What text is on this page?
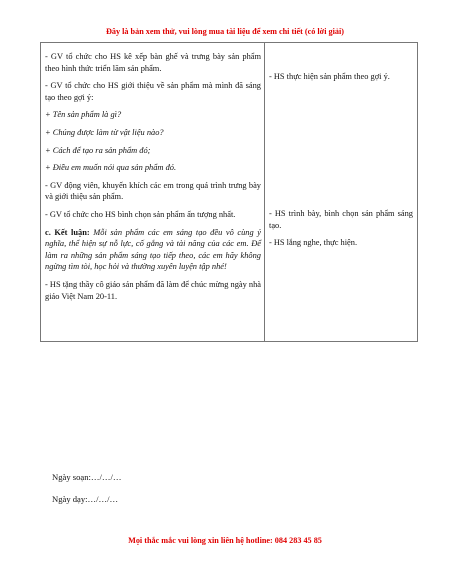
Đây là bản xem thử, vui lòng mua tài liệu để xem chi tiết (có lời giải)

- GV tổ chức cho HS kê xếp bàn ghế và trưng bày sản phẩm theo hình thức triển lãm sản phẩm.

- GV tổ chức cho HS giới thiệu về sản phẩm mà mình đã sáng tạo theo gợi ý:

+ Tên sản phẩm là gì?

+ Chúng được làm từ vật liệu nào?

+ Cách để tạo ra sản phẩm đó;

+ Điều em muốn nói qua sản phẩm đó.

- GV động viên, khuyến khích các em trong quá trình trưng bày và giới thiệu sản phẩm.

- GV tổ chức cho HS bình chọn sản phẩm ấn tượng nhất.

c. Kết luận: Mỗi sản phẩm các em sáng tạo đều vô cùng ý nghĩa, thể hiện sự nỗ lực, cố gắng và tài năng của các em. Để làm ra những sản phẩm sáng tạo tiếp theo, các em hãy không ngừng tìm tòi, học hỏi và thường xuyên luyện tập nhé!

- HS tặng thầy cô giáo sản phẩm đã làm để chúc mừng ngày nhà giáo Việt Nam 20-11.

- HS thực hiện sản phẩm theo gợi ý.

- HS trình bày, bình chọn sản phẩm sáng tạo.

- HS lắng nghe, thực hiện.

Ngày soạn:…/…/…
Ngày dạy:…/…/…
Mọi thắc mắc vui lòng xin liên hệ hotline: 084 283 45 85
